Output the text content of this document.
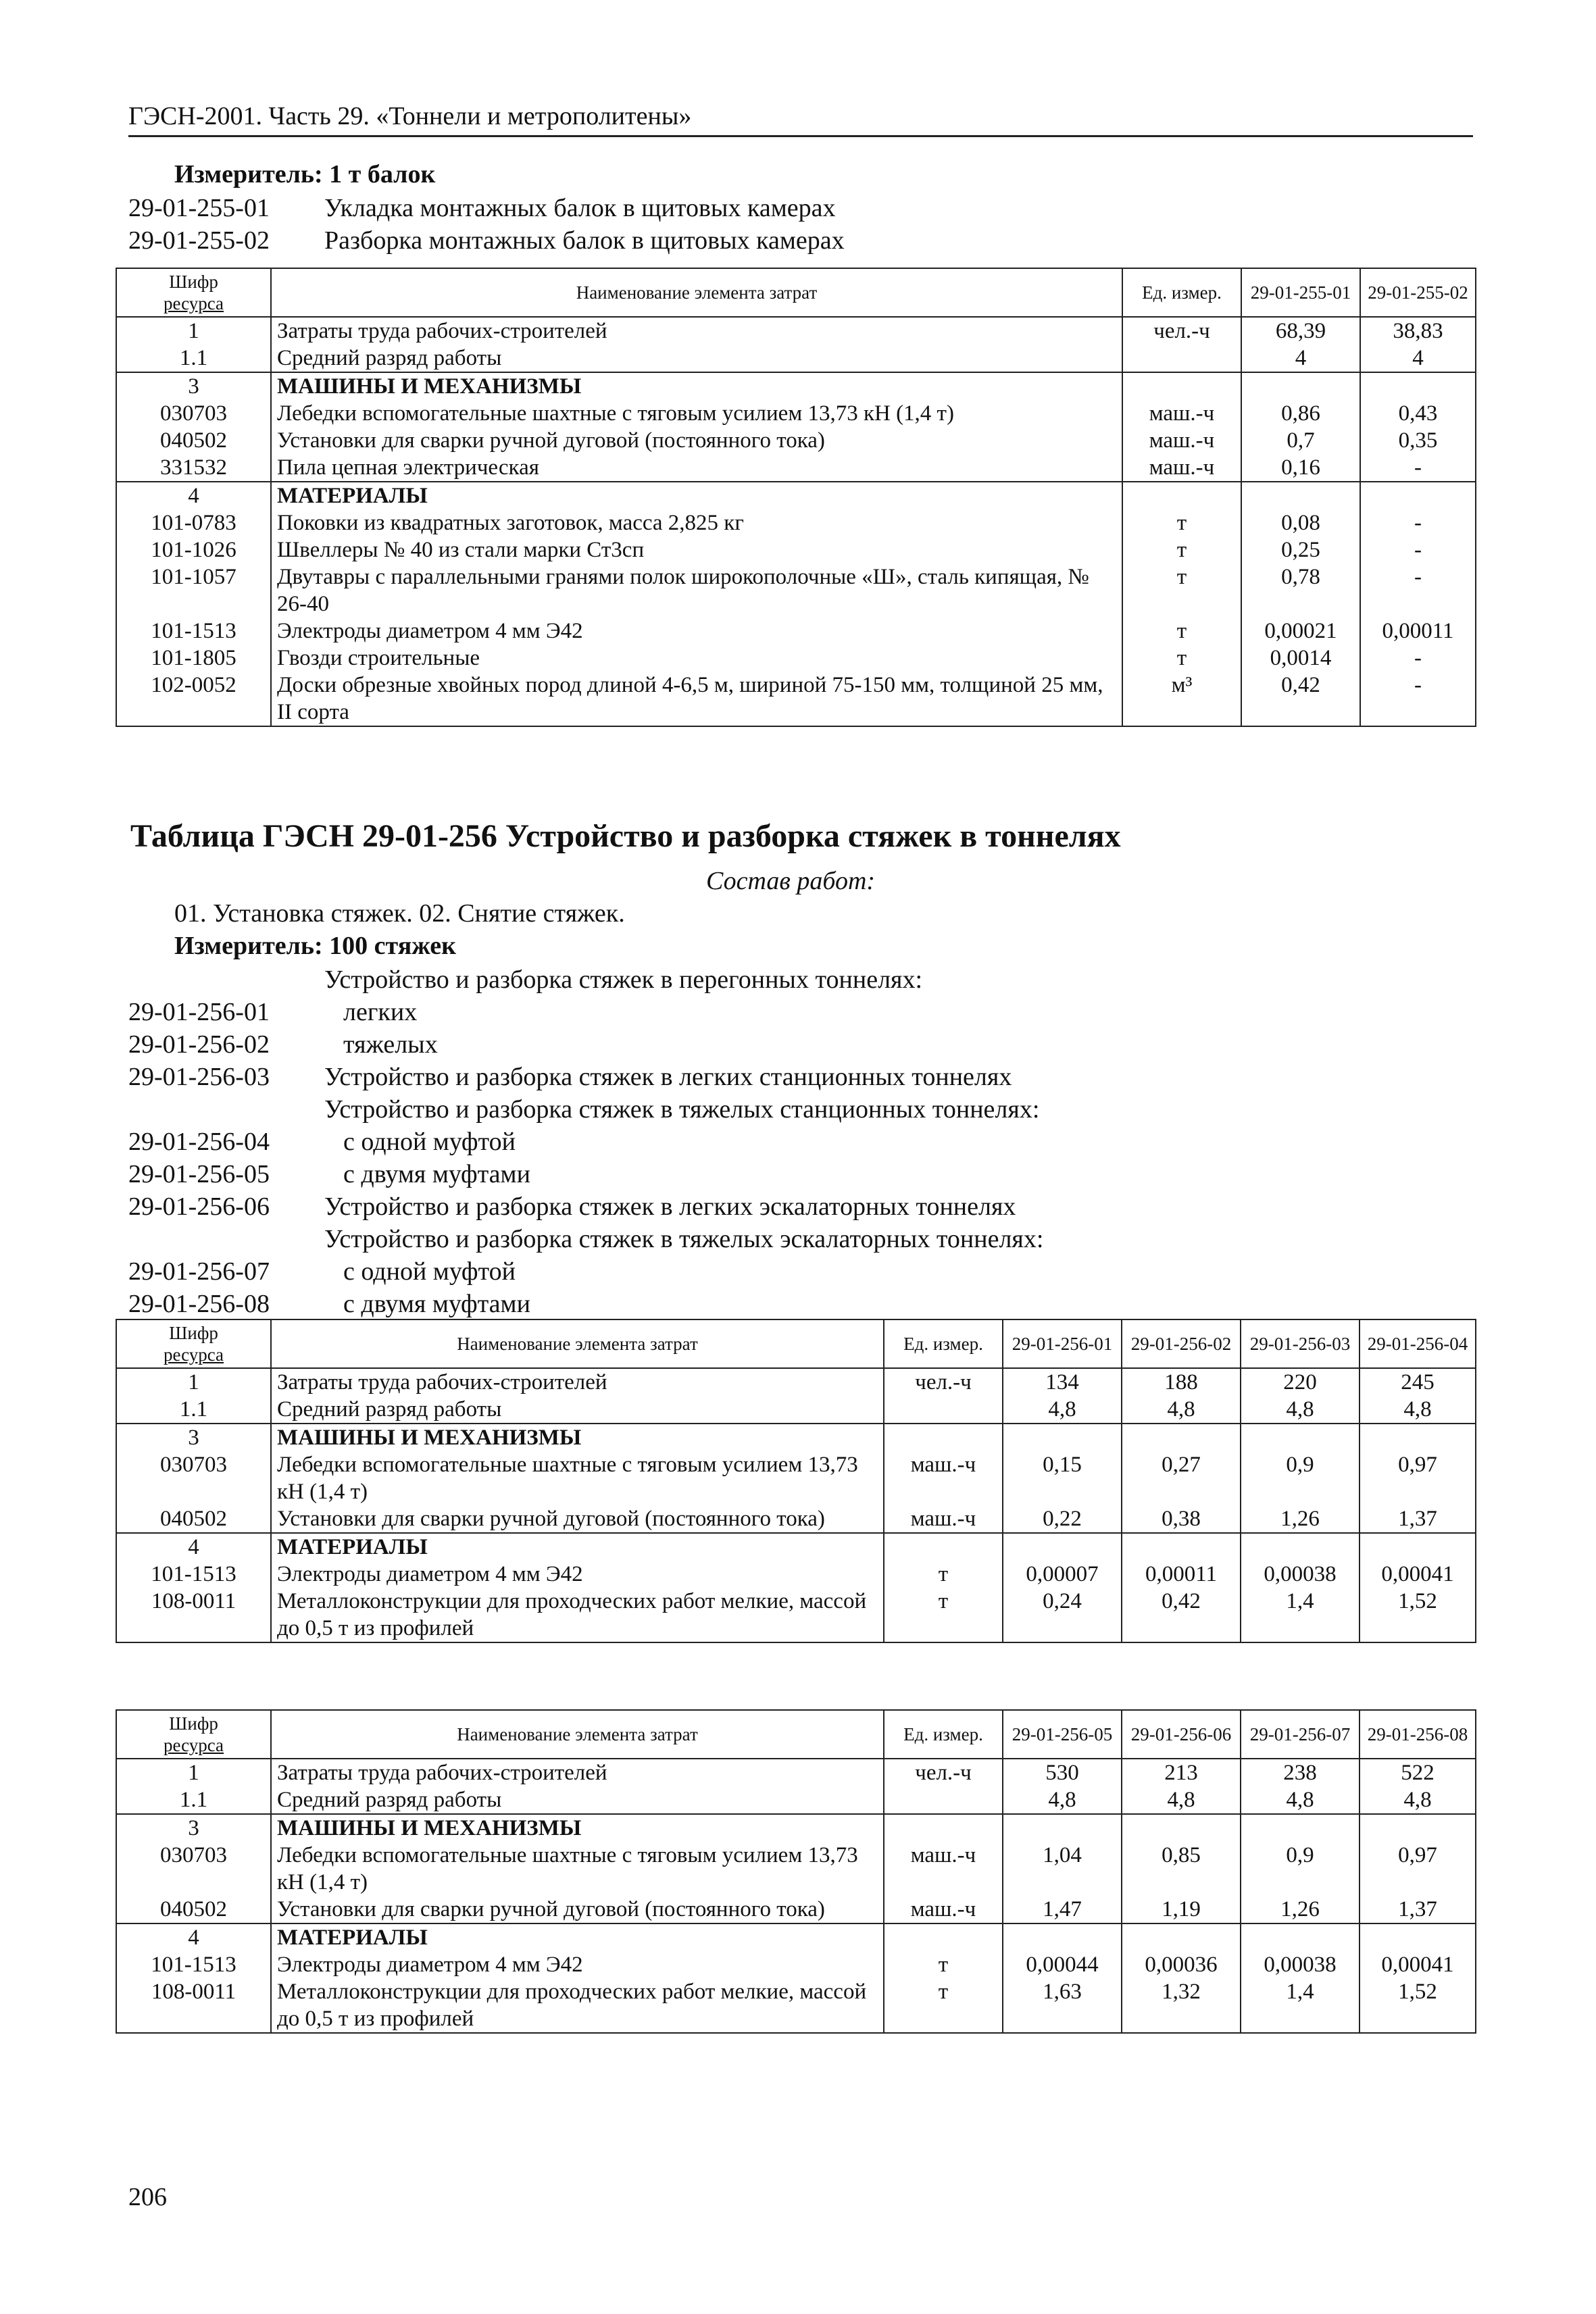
ГЭСН-2001. Часть 29. «Тоннели и метрополитены»
Измеритель: 1 т балок
29-01-255-01	Укладка монтажных балок в щитовых камерах
29-01-255-02	Разборка монтажных балок в щитовых камерах
Шифр
ресурса	Наименование элемента затрат	Ед. измер.	29-01-255-01	29-01-255-02
1	Затраты труда рабочих-строителей	чел.-ч	68,39	38,83
1.1	Средний разряд работы		4	4
3	МАШИНЫ И МЕХАНИЗМЫ			
030703	Лебедки вспомогательные шахтные с тяговым усилием 13,73 кН (1,4 т)	маш.-ч	0,86	0,43
040502	Установки для сварки ручной дуговой (постоянного тока)	маш.-ч	0,7	0,35
331532	Пила цепная электрическая	маш.-ч	0,16	-
4	МАТЕРИАЛЫ			
101-0783	Поковки из квадратных заготовок, масса 2,825 кг	т	0,08	-
101-1026	Швеллеры № 40 из стали марки Ст3сп	т	0,25	-
101-1057	Двутавры с параллельными гранями полок широкополочные «Ш», сталь кипящая, № 26-40	т	0,78	-
101-1513	Электроды диаметром 4 мм Э42	т	0,00021	0,00011
101-1805	Гвозди строительные	т	0,0014	-
102-0052	Доски обрезные хвойных пород длиной 4-6,5 м, шириной 75-150 мм, толщиной 25 мм, II сорта	м³	0,42	-
Таблица ГЭСН 29-01-256 Устройство и разборка стяжек в тоннелях
Состав работ:
01. Установка стяжек. 02. Снятие стяжек.
Измеритель: 100 стяжек
Устройство и разборка стяжек в перегонных тоннелях:
29-01-256-01	легких
29-01-256-02	тяжелых
29-01-256-03	Устройство и разборка стяжек в легких станционных тоннелях
Устройство и разборка стяжек в тяжелых станционных тоннелях:
29-01-256-04	с одной муфтой
29-01-256-05	с двумя муфтами
29-01-256-06	Устройство и разборка стяжек в легких эскалаторных тоннелях
Устройство и разборка стяжек в тяжелых эскалаторных тоннелях:
29-01-256-07	с одной муфтой
29-01-256-08	с двумя муфтами
Шифр
ресурса	Наименование элемента затрат	Ед. измер.	29-01-256-01	29-01-256-02	29-01-256-03	29-01-256-04
1	Затраты труда рабочих-строителей	чел.-ч	134	188	220	245
1.1	Средний разряд работы		4,8	4,8	4,8	4,8
3	МАШИНЫ И МЕХАНИЗМЫ					
030703	Лебедки вспомогательные шахтные с тяговым усилием 13,73 кН (1,4 т)	маш.-ч	0,15	0,27	0,9	0,97
040502	Установки для сварки ручной дуговой (постоянного тока)	маш.-ч	0,22	0,38	1,26	1,37
4	МАТЕРИАЛЫ					
101-1513	Электроды диаметром 4 мм Э42	т	0,00007	0,00011	0,00038	0,00041
108-0011	Металлоконструкции для проходческих работ мелкие, массой до 0,5 т из профилей	т	0,24	0,42	1,4	1,52
Шифр
ресурса	Наименование элемента затрат	Ед. измер.	29-01-256-05	29-01-256-06	29-01-256-07	29-01-256-08
1	Затраты труда рабочих-строителей	чел.-ч	530	213	238	522
1.1	Средний разряд работы		4,8	4,8	4,8	4,8
3	МАШИНЫ И МЕХАНИЗМЫ					
030703	Лебедки вспомогательные шахтные с тяговым усилием 13,73 кН (1,4 т)	маш.-ч	1,04	0,85	0,9	0,97
040502	Установки для сварки ручной дуговой (постоянного тока)	маш.-ч	1,47	1,19	1,26	1,37
4	МАТЕРИАЛЫ					
101-1513	Электроды диаметром 4 мм Э42	т	0,00044	0,00036	0,00038	0,00041
108-0011	Металлоконструкции для проходческих работ мелкие, массой до 0,5 т из профилей	т	1,63	1,32	1,4	1,52
206
